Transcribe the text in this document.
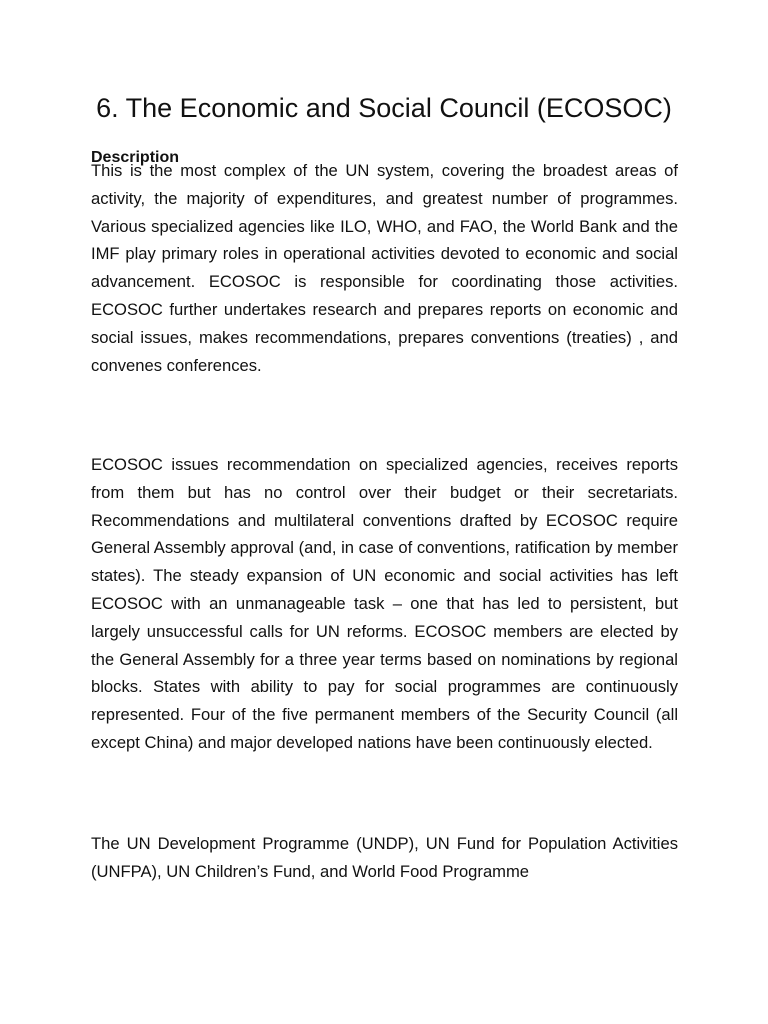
6. The Economic and Social Council (ECOSOC)
Description

This is the most complex of the UN system, covering the broadest areas of activity, the majority of expenditures, and greatest number of programmes. Various specialized agencies like ILO, WHO, and FAO, the World Bank and the IMF play primary roles in operational activities devoted to economic and social advancement. ECOSOC is responsible for coordinating those activities. ECOSOC further undertakes research and prepares reports on economic and social issues, makes recommendations, prepares conventions (treaties) , and convenes conferences.

ECOSOC issues recommendation on specialized agencies, receives reports from them but has no control over their budget or their secretariats. Recommendations and multilateral conventions drafted by ECOSOC require General Assembly approval (and, in case of conventions, ratification by member states). The steady expansion of UN economic and social activities has left ECOSOC with an unmanageable task – one that has led to persistent, but largely unsuccessful calls for UN reforms. ECOSOC members are elected by the General Assembly for a three year terms based on nominations by regional blocks. States with ability to pay for social programmes are continuously represented. Four of the five permanent members of the Security Council (all except China) and major developed nations have been continuously elected.

The UN Development Programme (UNDP), UN Fund for Population Activities (UNFPA), UN Children’s Fund, and World Food Programme
